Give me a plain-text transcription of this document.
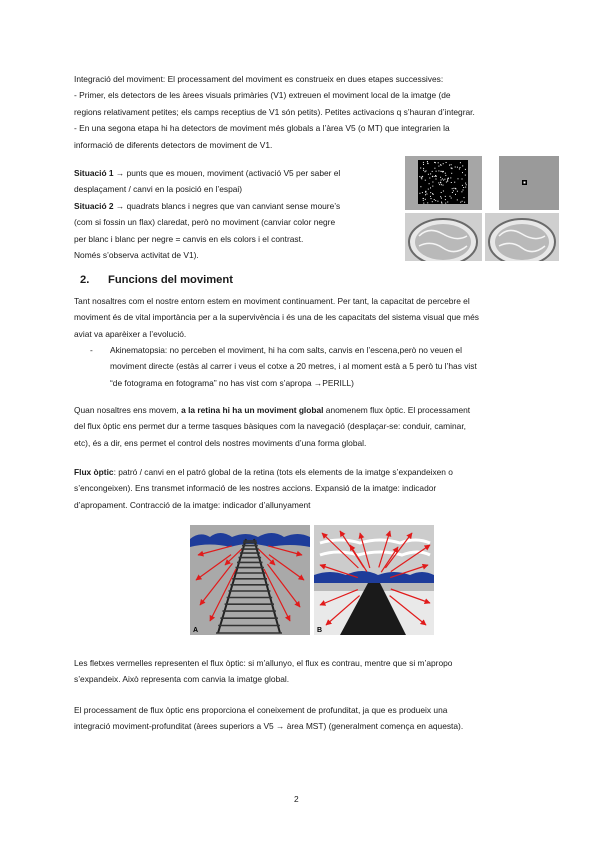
Integració del moviment: El processament del moviment es construeix en dues etapes successives:
- Primer, els detectors de les àrees visuals primàries (V1) extreuen el moviment local de la imatge (de
regions relativament petites; els camps receptius de V1 són petits). Petites activacions q s’hauran d’integrar.
- En una segona etapa hi ha detectors de moviment més globals a l’àrea V5 (o MT) que integrarien la
informació de diferents detectors de moviment de V1.
Situació 1 → punts que es mouen, moviment (activació V5 per saber el
desplaçament / canvi en la posició en l’espai)
Situació 2 → quadrats blancs i negres que van canviant sense moure’s
(com si fossin un flax) claredat, però no moviment (canviar color negre
per blanc i blanc per negre = canvis en els colors i el contrast.
Només s’observa activitat de V1).
2. Funcions del moviment
Tant nosaltres com el nostre entorn estem en moviment continuament. Per tant, la capacitat de percebre el
moviment és de vital importància per a la supervivència i és una de les capacitats del sistema visual que més
aviat va aparèixer a l’evolució.
- Akinematopsia: no perceben el moviment, hi ha com salts, canvis en l’escena,però no veuen el
moviment directe (estàs al carrer i veus el cotxe a 20 metres, i al moment està a 5 però tu l’has vist
“de fotograma en fotograma” no has vist com s’apropa →PERILL)
Quan nosaltres ens movem, a la retina hi ha un moviment global anomenem flux òptic. El processament
del flux òptic ens permet dur a terme tasques bàsiques com la navegació (desplaçar-se: conduir, caminar,
etc), és a dir, ens permet el control dels nostres moviments d’una forma global.
Flux òptic: patró / canvi en el patró global de la retina (tots els elements de la imatge s’expandeixen o
s’encongeixen). Ens transmet informació de les nostres accions. Expansió de la imatge: indicador
d’apropament. Contracció de la imatge: indicador d’allunyament
A	B
Les fletxes vermelles representen el flux òptic: si m’allunyo, el flux es contrau, mentre que si m’apropo
s’expandeix. Això representa com canvia la imatge global.
El processament de flux òptic ens proporciona el coneixement de profunditat, ja que es produeix una
integració moviment-profunditat (àrees superiors a V5 → àrea MST) (generalment comença en aquesta).
2
